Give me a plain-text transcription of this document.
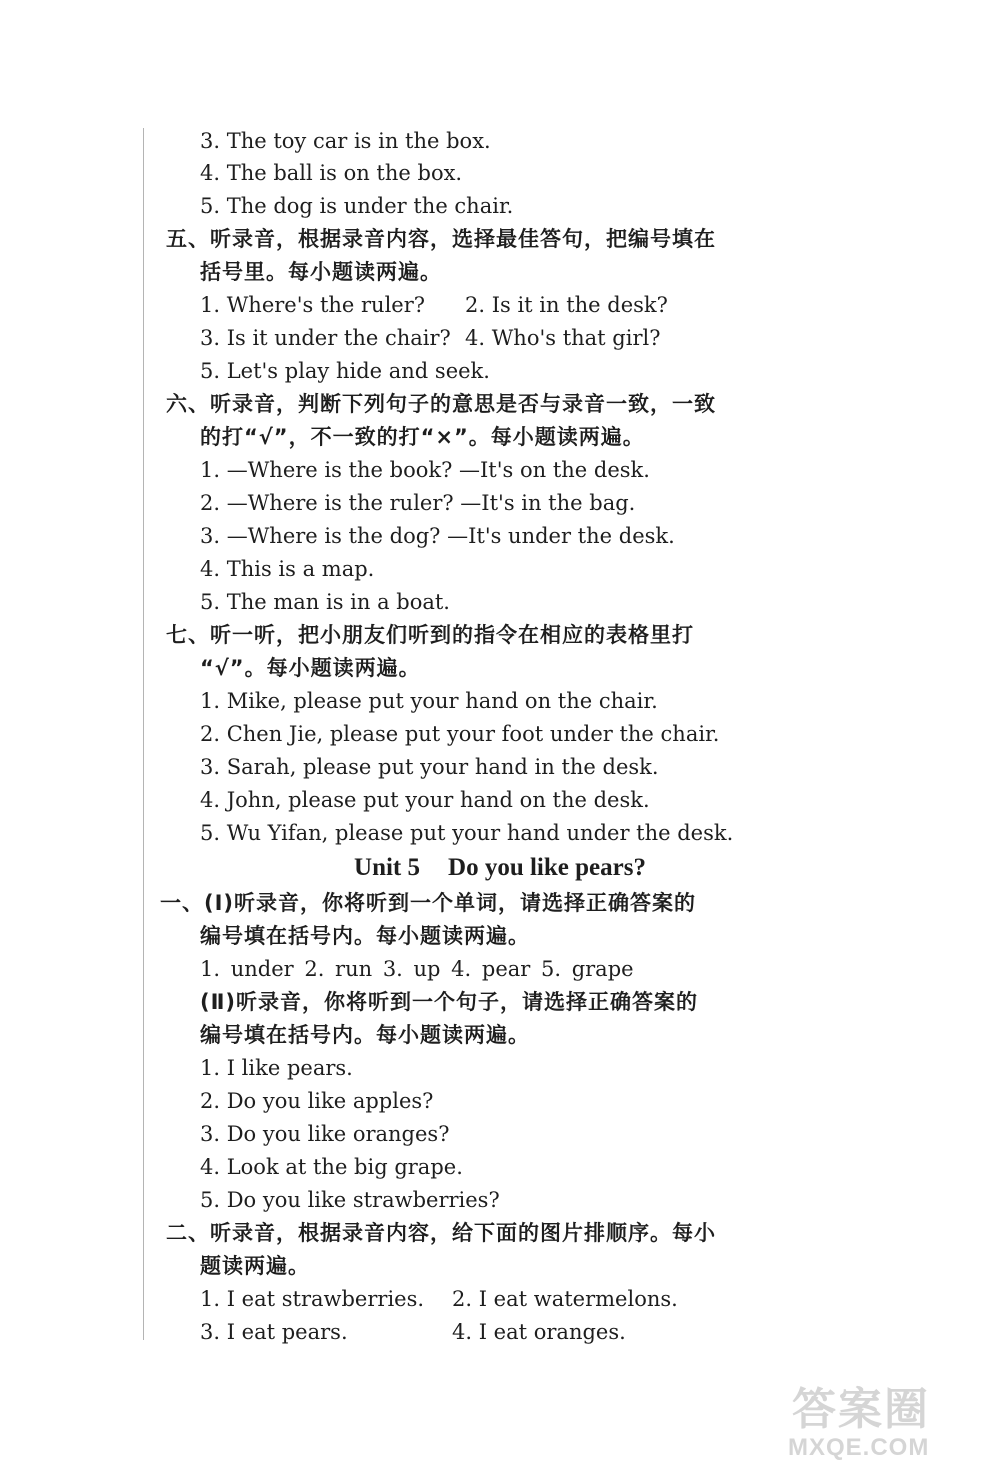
3. The toy car is in the box.
4. The ball is on the box.
5. The dog is under the chair.
五、听录音，根据录音内容，选择最佳答句，把编号填在
括号里。每小题读两遍。
1. Where's the ruler? 2. Is it in the desk?
3. Is it under the chair? 4. Who's that girl?
5. Let's play hide and seek.
六、听录音，判断下列句子的意思是否与录音一致，一致
的打“√”，不一致的打“×”。每小题读两遍。
1. —Where is the book? —It's on the desk.
2. —Where is the ruler? —It's in the bag.
3. —Where is the dog? —It's under the desk.
4. This is a map.
5. The man is in a boat.
七、听一听，把小朋友们听到的指令在相应的表格里打
“√”。每小题读两遍。
1. Mike, please put your hand on the chair.
2. Chen Jie, please put your foot under the chair.
3. Sarah, please put your hand in the desk.
4. John, please put your hand on the desk.
5. Wu Yifan, please put your hand under the desk.
Unit 5 Do you like pears?
一、(Ⅰ)听录音，你将听到一个单词，请选择正确答案的
编号填在括号内。每小题读两遍。
1. under 2. run 3. up 4. pear 5. grape
(Ⅱ)听录音，你将听到一个句子，请选择正确答案的
编号填在括号内。每小题读两遍。
1. I like pears.
2. Do you like apples?
3. Do you like oranges?
4. Look at the big grape.
5. Do you like strawberries?
二、听录音，根据录音内容，给下面的图片排顺序。每小
题读两遍。
1. I eat strawberries. 2. I eat watermelons.
3. I eat pears.	4. I eat oranges.
答案圈
MXQE.COM
